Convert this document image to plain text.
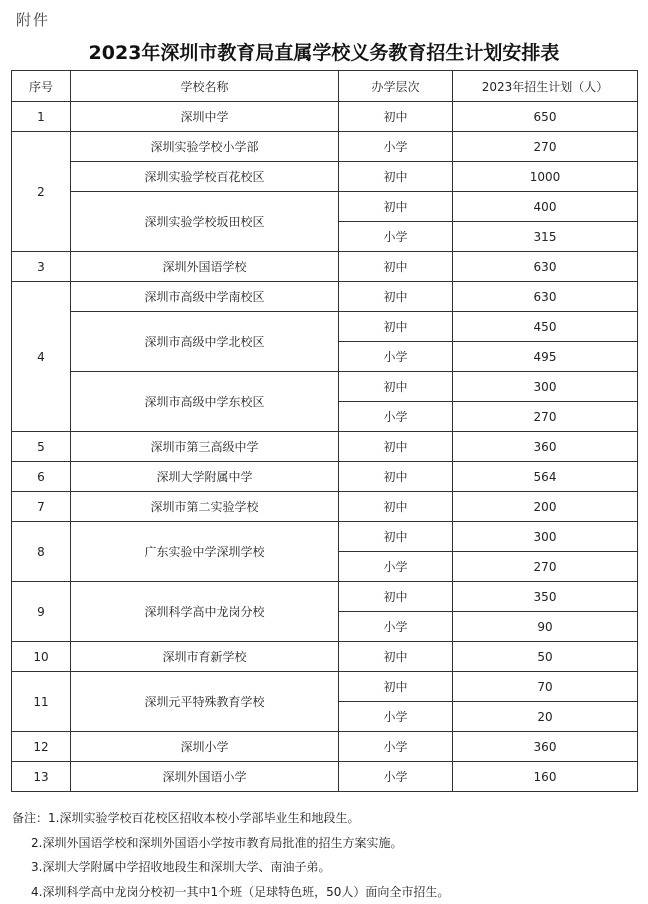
附件
2023年深圳市教育局直属学校义务教育招生计划安排表
序号	学校名称	办学层次	2023年招生计划（人）
1	深圳中学	初中	650
2	深圳实验学校小学部	小学	270
	深圳实验学校百花校区	初中	1000
	深圳实验学校坂田校区	初中	400
		小学	315
3	深圳外国语学校	初中	630
4	深圳市高级中学南校区	初中	630
	深圳市高级中学北校区	初中	450
		小学	495
	深圳市高级中学东校区	初中	300
		小学	270
5	深圳市第三高级中学	初中	360
6	深圳大学附属中学	初中	564
7	深圳市第二实验学校	初中	200
8	广东实验中学深圳学校	初中	300
		小学	270
9	深圳科学高中龙岗分校	初中	350
		小学	90
10	深圳市育新学校	初中	50
11	深圳元平特殊教育学校	初中	70
		小学	20
12	深圳小学	小学	360
13	深圳外国语小学	小学	160
备注：1.深圳实验学校百花校区招收本校小学部毕业生和地段生。
2.深圳外国语学校和深圳外国语小学按市教育局批准的招生方案实施。
3.深圳大学附属中学招收地段生和深圳大学、南油子弟。
4.深圳科学高中龙岗分校初一其中1个班（足球特色班，50人）面向全市招生。
